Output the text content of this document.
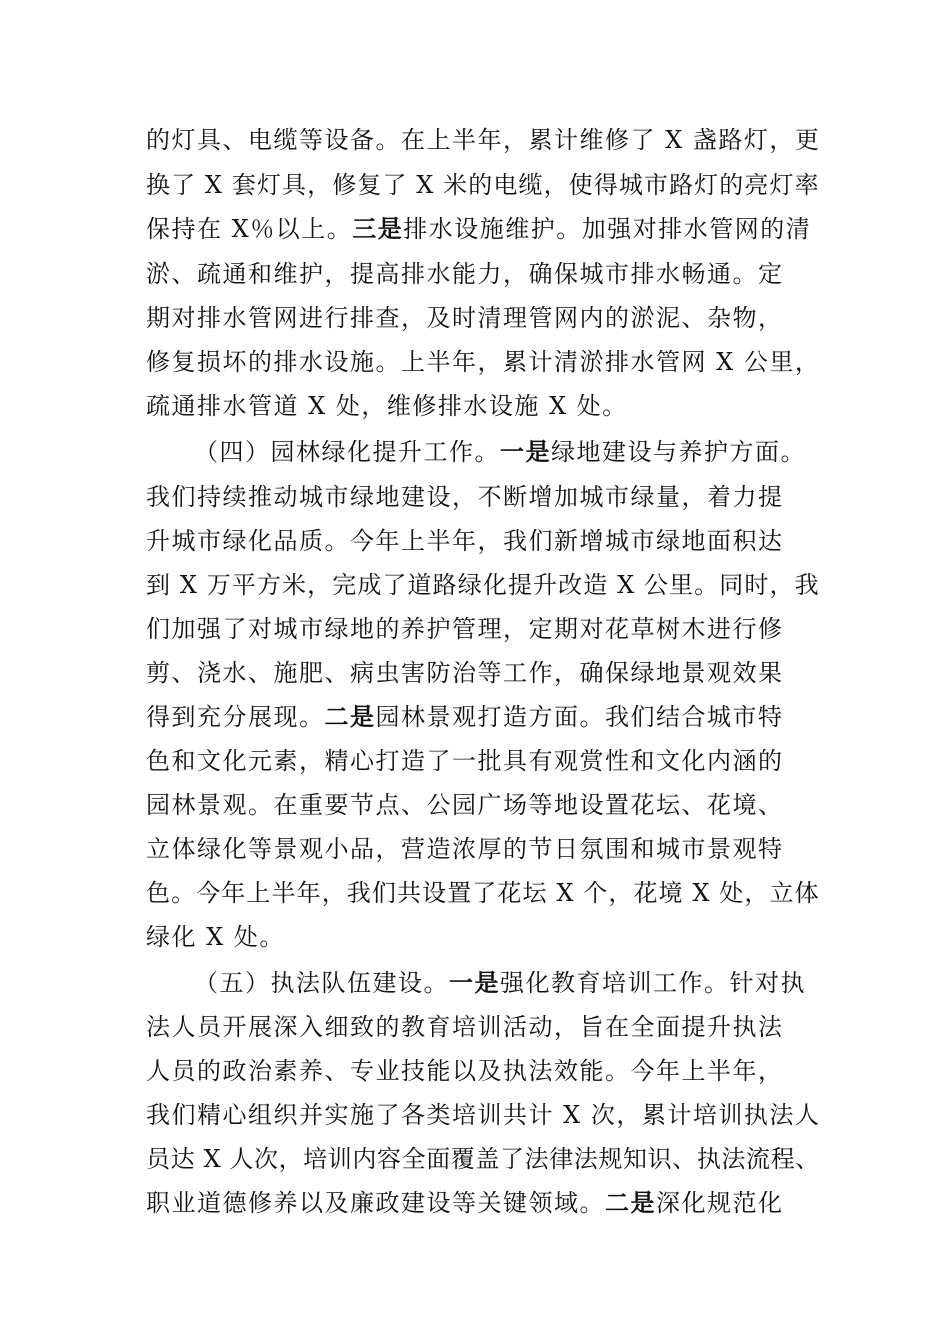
的灯具、电缆等设备。在上半年，累计维修了 X 盏路灯，更
换了 X 套灯具，修复了 X 米的电缆，使得城市路灯的亮灯率
保持在 X％以上。三是排水设施维护。加强对排水管网的清
淤、疏通和维护，提高排水能力，确保城市排水畅通。定
期对排水管网进行排查，及时清理管网内的淤泥、杂物，
修复损坏的排水设施。上半年，累计清淤排水管网 X 公里，
疏通排水管道 X 处，维修排水设施 X 处。
（四）园林绿化提升工作。一是绿地建设与养护方面。
我们持续推动城市绿地建设，不断增加城市绿量，着力提
升城市绿化品质。今年上半年，我们新增城市绿地面积达
到 X 万平方米，完成了道路绿化提升改造 X 公里。同时，我
们加强了对城市绿地的养护管理，定期对花草树木进行修
剪、浇水、施肥、病虫害防治等工作，确保绿地景观效果
得到充分展现。二是园林景观打造方面。我们结合城市特
色和文化元素，精心打造了一批具有观赏性和文化内涵的
园林景观。在重要节点、公园广场等地设置花坛、花境、
立体绿化等景观小品，营造浓厚的节日氛围和城市景观特
色。今年上半年，我们共设置了花坛 X 个，花境 X 处，立体
绿化 X 处。
（五）执法队伍建设。一是强化教育培训工作。针对执
法人员开展深入细致的教育培训活动，旨在全面提升执法
人员的政治素养、专业技能以及执法效能。今年上半年，
我们精心组织并实施了各类培训共计 X 次，累计培训执法人
员达 X 人次，培训内容全面覆盖了法律法规知识、执法流程、
职业道德修养以及廉政建设等关键领域。二是深化规范化
